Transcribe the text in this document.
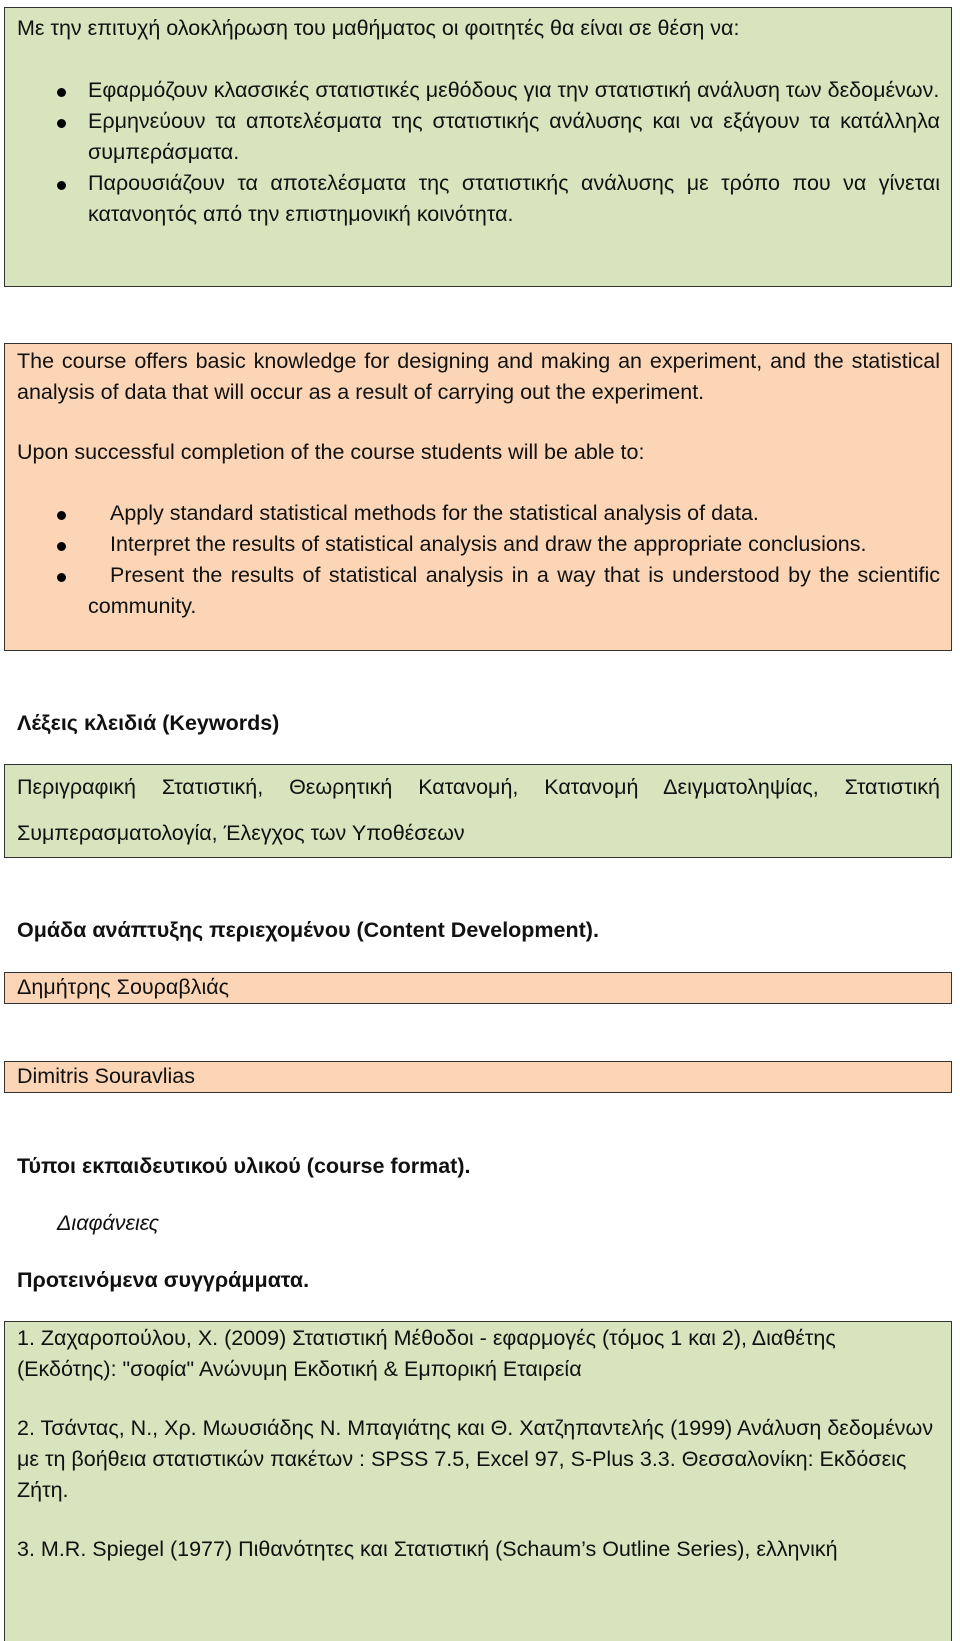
Με την επιτυχή ολοκλήρωση του μαθήματος οι φοιτητές θα είναι σε θέση να:

Εφαρμόζουν κλασσικές στατιστικές μεθόδους για την στατιστική ανάλυση των δεδομένων.
Ερμηνεύουν τα αποτελέσματα της στατιστικής ανάλυσης και να εξάγουν τα κατάλληλα συμπεράσματα.
Παρουσιάζουν τα αποτελέσματα της στατιστικής ανάλυσης με τρόπο που να γίνεται κατανοητός από την επιστημονική κοινότητα.

The course offers basic knowledge for designing and making an experiment, and the statistical analysis of data that will occur as a result of carrying out the experiment.

Upon successful completion of the course students will be able to:

Apply standard statistical methods for the statistical analysis of data.
Interpret the results of statistical analysis and draw the appropriate conclusions.
Present the results of statistical analysis in a way that is understood by the scientific community.
Λέξεις κλειδιά (Keywords)

Περιγραφική Στατιστική, Θεωρητική Κατανομή, Κατανομή Δειγματοληψίας, Στατιστική Συμπερασματολογία, Έλεγχος των Υποθέσεων

Ομάδα ανάπτυξης περιεχομένου (Content Development).
Δημήτρης Σουραβλιάς
Dimitris Souravlias
Τύποι εκπαιδευτικού υλικού (course format).
Διαφάνειες
Προτεινόμενα συγγράμματα.

1. Ζαχαροπούλου, Χ. (2009) Στατιστική Μέθοδοι - εφαρμογές (τόμος 1 και 2), Διαθέτης (Εκδότης): "σοφία" Ανώνυμη Εκδοτική & Εμπορική Εταιρεία

2. Τσάντας, Ν., Χρ. Μωυσιάδης Ν. Μπαγιάτης και Θ. Χατζηπαντελής (1999) Ανάλυση δεδομένων με τη βοήθεια στατιστικών πακέτων : SPSS 7.5, Excel 97, S-Plus 3.3. Θεσσαλονίκη: Εκδόσεις Ζήτη.

3. M.R. Spiegel (1977) Πιθανότητες και Στατιστική (Schaum’s Outline Series), ελληνική
